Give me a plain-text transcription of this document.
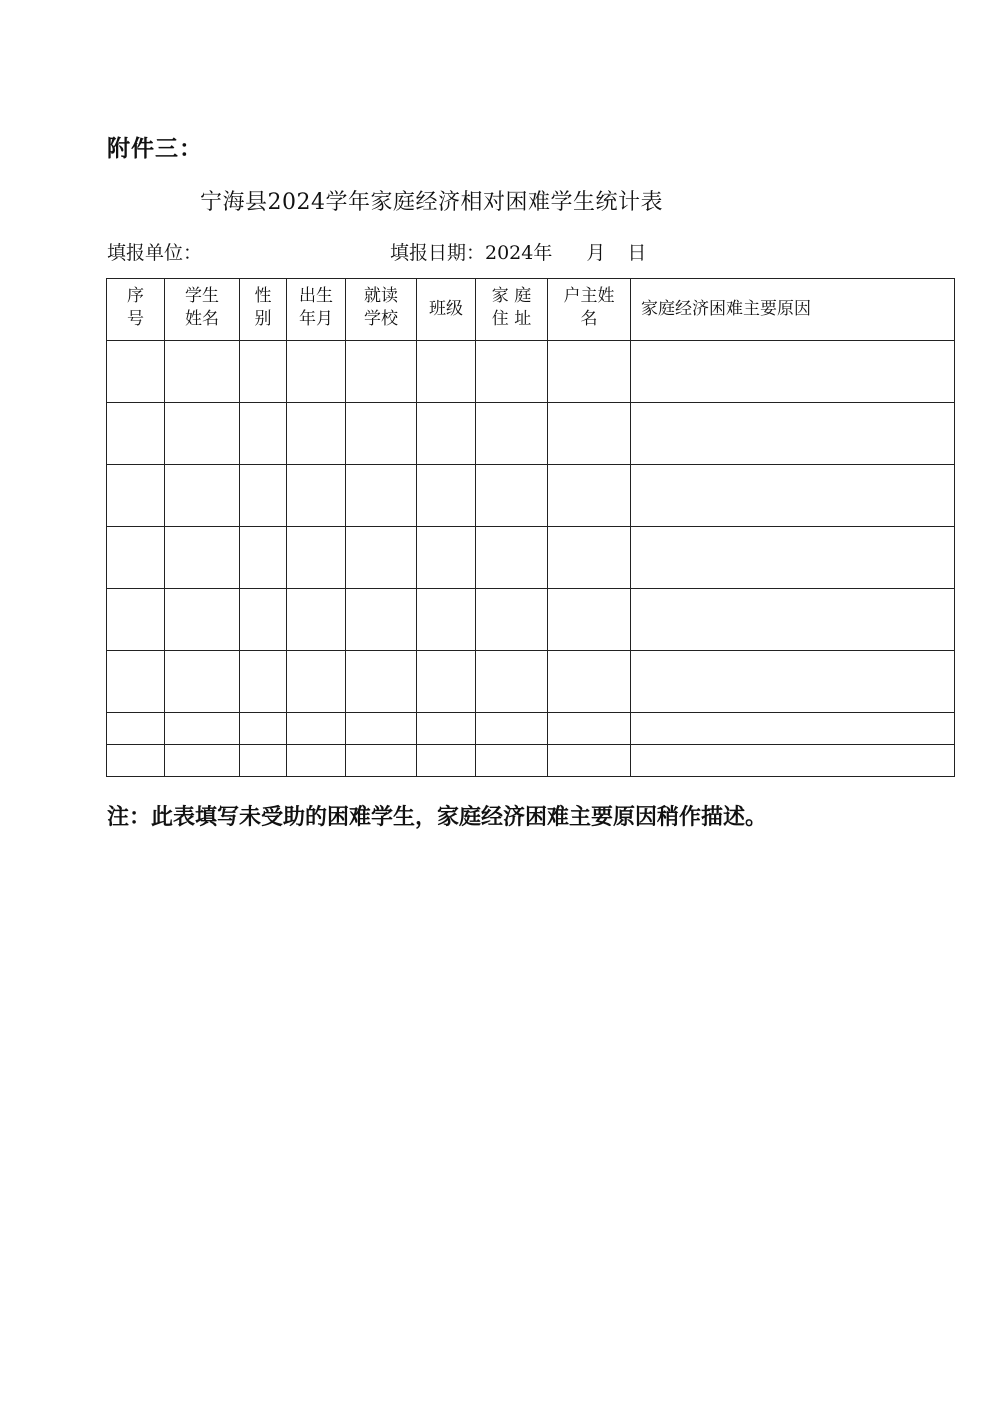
附件三：
宁海县2024学年家庭经济相对困难学生统计表
填报单位：	填报日期：2024年 月 日
序号	学生姓名	性别	出生年月	就读学校	班级	家 庭住 址	户主姓名	家庭经济困难主要原因

注：此表填写未受助的困难学生，家庭经济困难主要原因稍作描述。
